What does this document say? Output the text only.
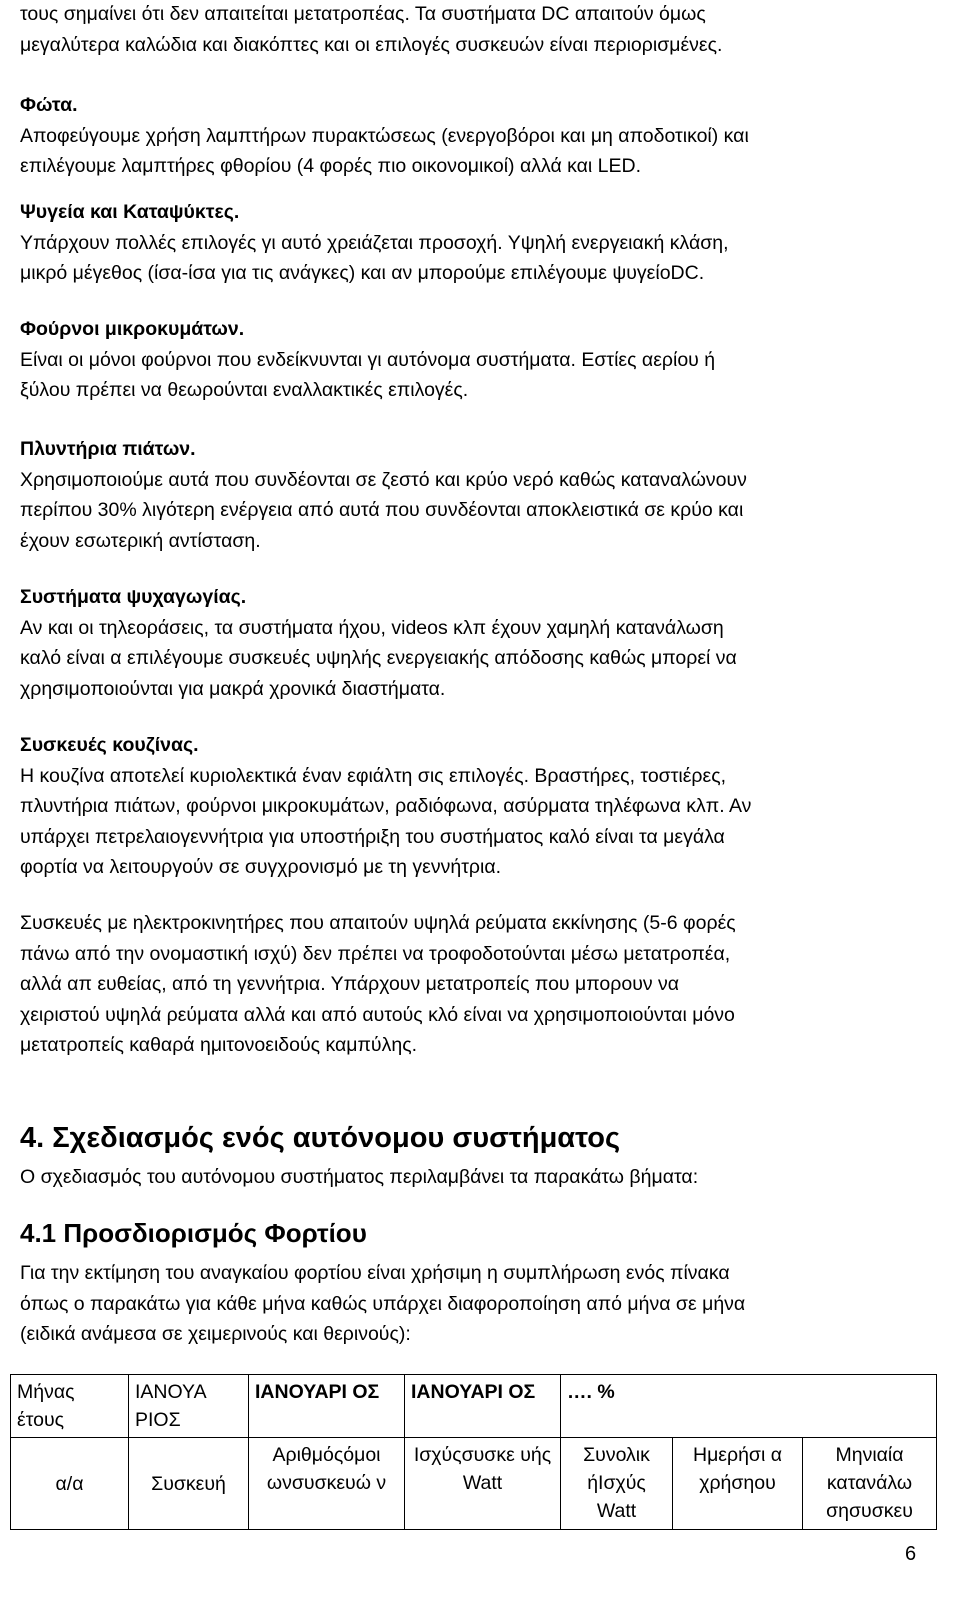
τους σημαίνει ότι δεν απαιτείται μετατροπέας. Τα συστήματα DC απαιτούν όμως

μεγαλύτερα καλώδια και διακόπτες και οι επιλογές συσκευών είναι περιορισμένες.

Φώτα.

Αποφεύγουμε χρήση λαμπτήρων πυρακτώσεως (ενεργοβόροι και μη αποδοτικοί) και

επιλέγουμε λαμπτήρες φθορίου (4 φορές πιο οικονομικοί) αλλά και LED.

Ψυγεία και Καταψύκτες.

Υπάρχουν πολλές επιλογές γι αυτό χρειάζεται προσοχή. Υψηλή ενεργειακή κλάση,

μικρό μέγεθος (ίσα-ίσα για τις ανάγκες) και αν μπορούμε επιλέγουμε ψυγείοDC.

Φούρνοι μικροκυμάτων.

Είναι οι μόνοι φούρνοι που ενδείκνυνται γι αυτόνομα συστήματα. Εστίες αερίου ή

ξύλου πρέπει να θεωρούνται εναλλακτικές επιλογές.

Πλυντήρια πιάτων.

Χρησιμοποιούμε αυτά που συνδέονται σε ζεστό και κρύο νερό καθώς καταναλώνουν

περίπου 30% λιγότερη ενέργεια από αυτά που συνδέονται αποκλειστικά σε κρύο και

έχουν εσωτερική αντίσταση.

Συστήματα ψυχαγωγίας.

Αν και οι τηλεοράσεις, τα συστήματα ήχου, videos κλπ έχουν χαμηλή κατανάλωση

καλό είναι α επιλέγουμε συσκευές υψηλής ενεργειακής απόδοσης καθώς μπορεί να

χρησιμοποιούνται για μακρά χρονικά διαστήματα.

Συσκευές κουζίνας.

Η κουζίνα αποτελεί κυριολεκτικά έναν εφιάλτη σις επιλογές. Βραστήρες, τοστιέρες,

πλυντήρια πιάτων, φούρνοι μικροκυμάτων, ραδιόφωνα, ασύρματα τηλέφωνα κλπ. Αν

υπάρχει πετρελαιογεννήτρια για υποστήριξη του συστήματος καλό είναι τα μεγάλα

φορτία να λειτουργούν σε συγχρονισμό με τη γεννήτρια.

Συσκευές με ηλεκτροκινητήρες που απαιτούν υψηλά ρεύματα εκκίνησης (5-6 φορές

πάνω από την ονομαστική ισχύ) δεν πρέπει να τροφοδοτούνται μέσω μετατροπέα,

αλλά απ ευθείας, από τη γεννήτρια. Υπάρχουν μετατροπείς που μπορουν να

χειριστού υψηλά ρεύματα αλλά και από αυτούς κλό είναι να χρησιμοποιούνται μόνο

μετατροπείς καθαρά ημιτονοειδούς καμπύλης.

4. Σχεδιασμός ενός αυτόνομου συστήματος

Ο σχεδιασμός του αυτόνομου συστήματος περιλαμβάνει τα παρακάτω βήματα:

4.1 Προσδιορισμός Φορτίου

Για την εκτίμηση του αναγκαίου φορτίου είναι χρήσιμη η συμπλήρωση ενός πίνακα

όπως ο παρακάτω για κάθε μήνα καθώς υπάρχει διαφοροποίηση από μήνα σε μήνα

(ειδικά ανάμεσα σε χειμερινούς και θερινούς):

Μήνας έτους	ΙΑΝΟΥΑ ΡΙΟΣ	ΙΑΝΟΥΑΡΙ ΟΣ	ΙΑΝΟΥΑΡΙ ΟΣ	…. %		
α/α	Συσκευή	Αριθμόςόμοι ωνσυσκευώ ν	Ισχύςσυσκε υής Watt	Συνολικ ήΙσχύς Watt	Ημερήσι α χρήσηου	Μηνιαία κατανάλω σησυσκευ
6
